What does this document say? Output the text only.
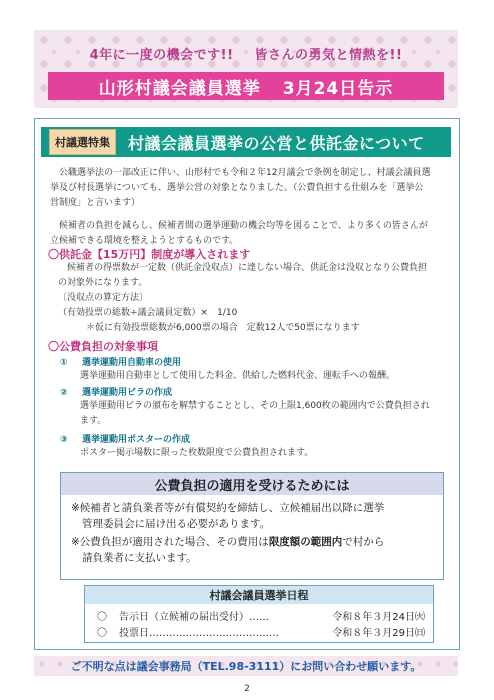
4年に一度の機会です!! 皆さんの勇気と情熱を!!
山形村議会議員選挙 3月24日告示
村議選特集	村議会議員選挙の公営と供託金について
公職選挙法の一部改正に伴い、山形村でも令和２年12月議会で条例を制定し、村議会議員選
挙及び村長選挙についても、選挙公営の対象となりました。（公費負担する仕組みを「選挙公
営制度」と言います）
候補者の負担を減らし、候補者間の選挙運動の機会均等を図ることで、より多くの皆さんが
立候補できる環境を整えようとするものです。
〇供託金【15万円】制度が導入されます
候補者の得票数が一定数（供託金没収点）に達しない場合、供託金は没収となり公費負担
の対象外になります。
〔没収点の算定方法〕
（有効投票の総数÷議会議員定数）×　1/10
＊仮に有効投票総数が6,000票の場合　定数12人で50票になります
〇公費負担の対象事項
① 選挙運動用自動車の使用
選挙運動用自動車として使用した料金、供給した燃料代金、運転手への報酬。
② 選挙運動用ビラの作成
選挙運動用ビラの頒布を解禁することとし、その上限1,600枚の範囲内で公費負担され
ます。
③ 選挙運動用ポスターの作成
ポスター掲示場数に限った枚数限度で公費負担されます。
公費負担の適用を受けるためには
※候補者と請負業者等が有償契約を締結し、立候補届出以降に選挙
管理委員会に届け出る必要があります。
※公費負担が適用された場合、その費用は限度額の範囲内で村から
請負業者に支払います。
村議会議員選挙日程
〇	告示日（立候補の届出受付）……	令和８年３月24日㈫
〇	投票日…………………………………	令和８年３月29日㈰
ご不明な点は議会事務局（TEL.98-3111）にお問い合わせ願います。
2
